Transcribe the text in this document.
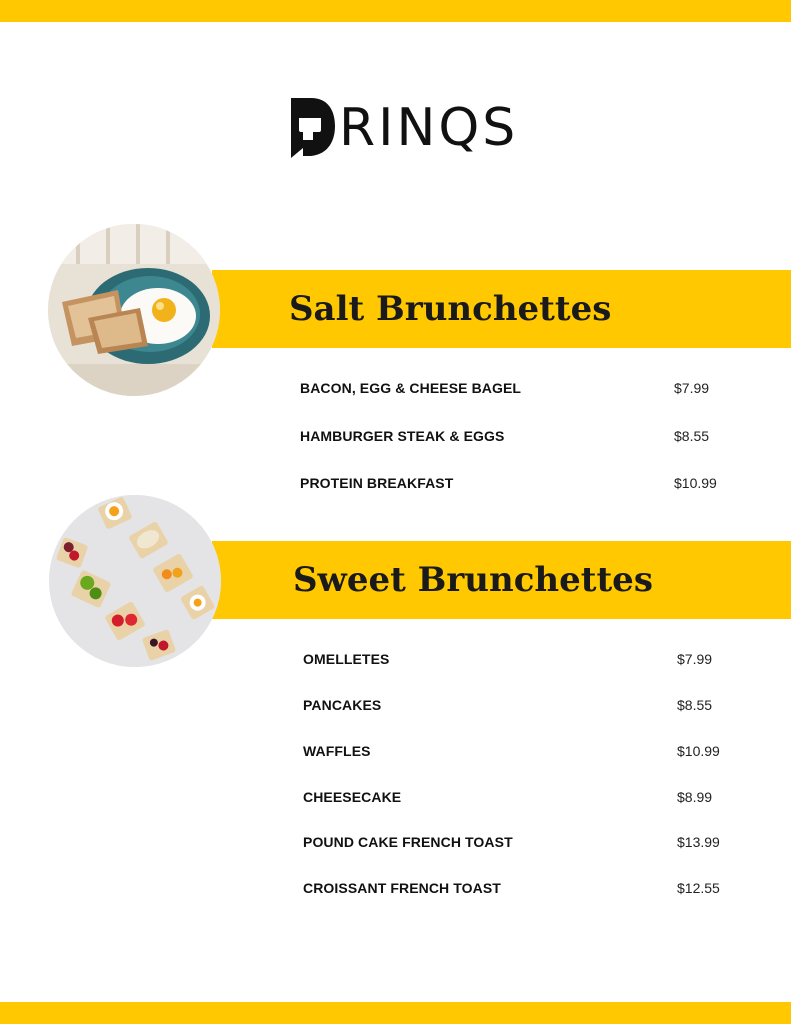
RINQS
Salt Brunchettes
BACON, EGG & CHEESE BAGEL	$7.99
HAMBURGER STEAK & EGGS	$8.55
PROTEIN BREAKFAST	$10.99
Sweet Brunchettes
OMELLETES	$7.99
PANCAKES	$8.55
WAFFLES	$10.99
CHEESECAKE	$8.99
POUND CAKE FRENCH TOAST	$13.99
CROISSANT FRENCH TOAST	$12.55
